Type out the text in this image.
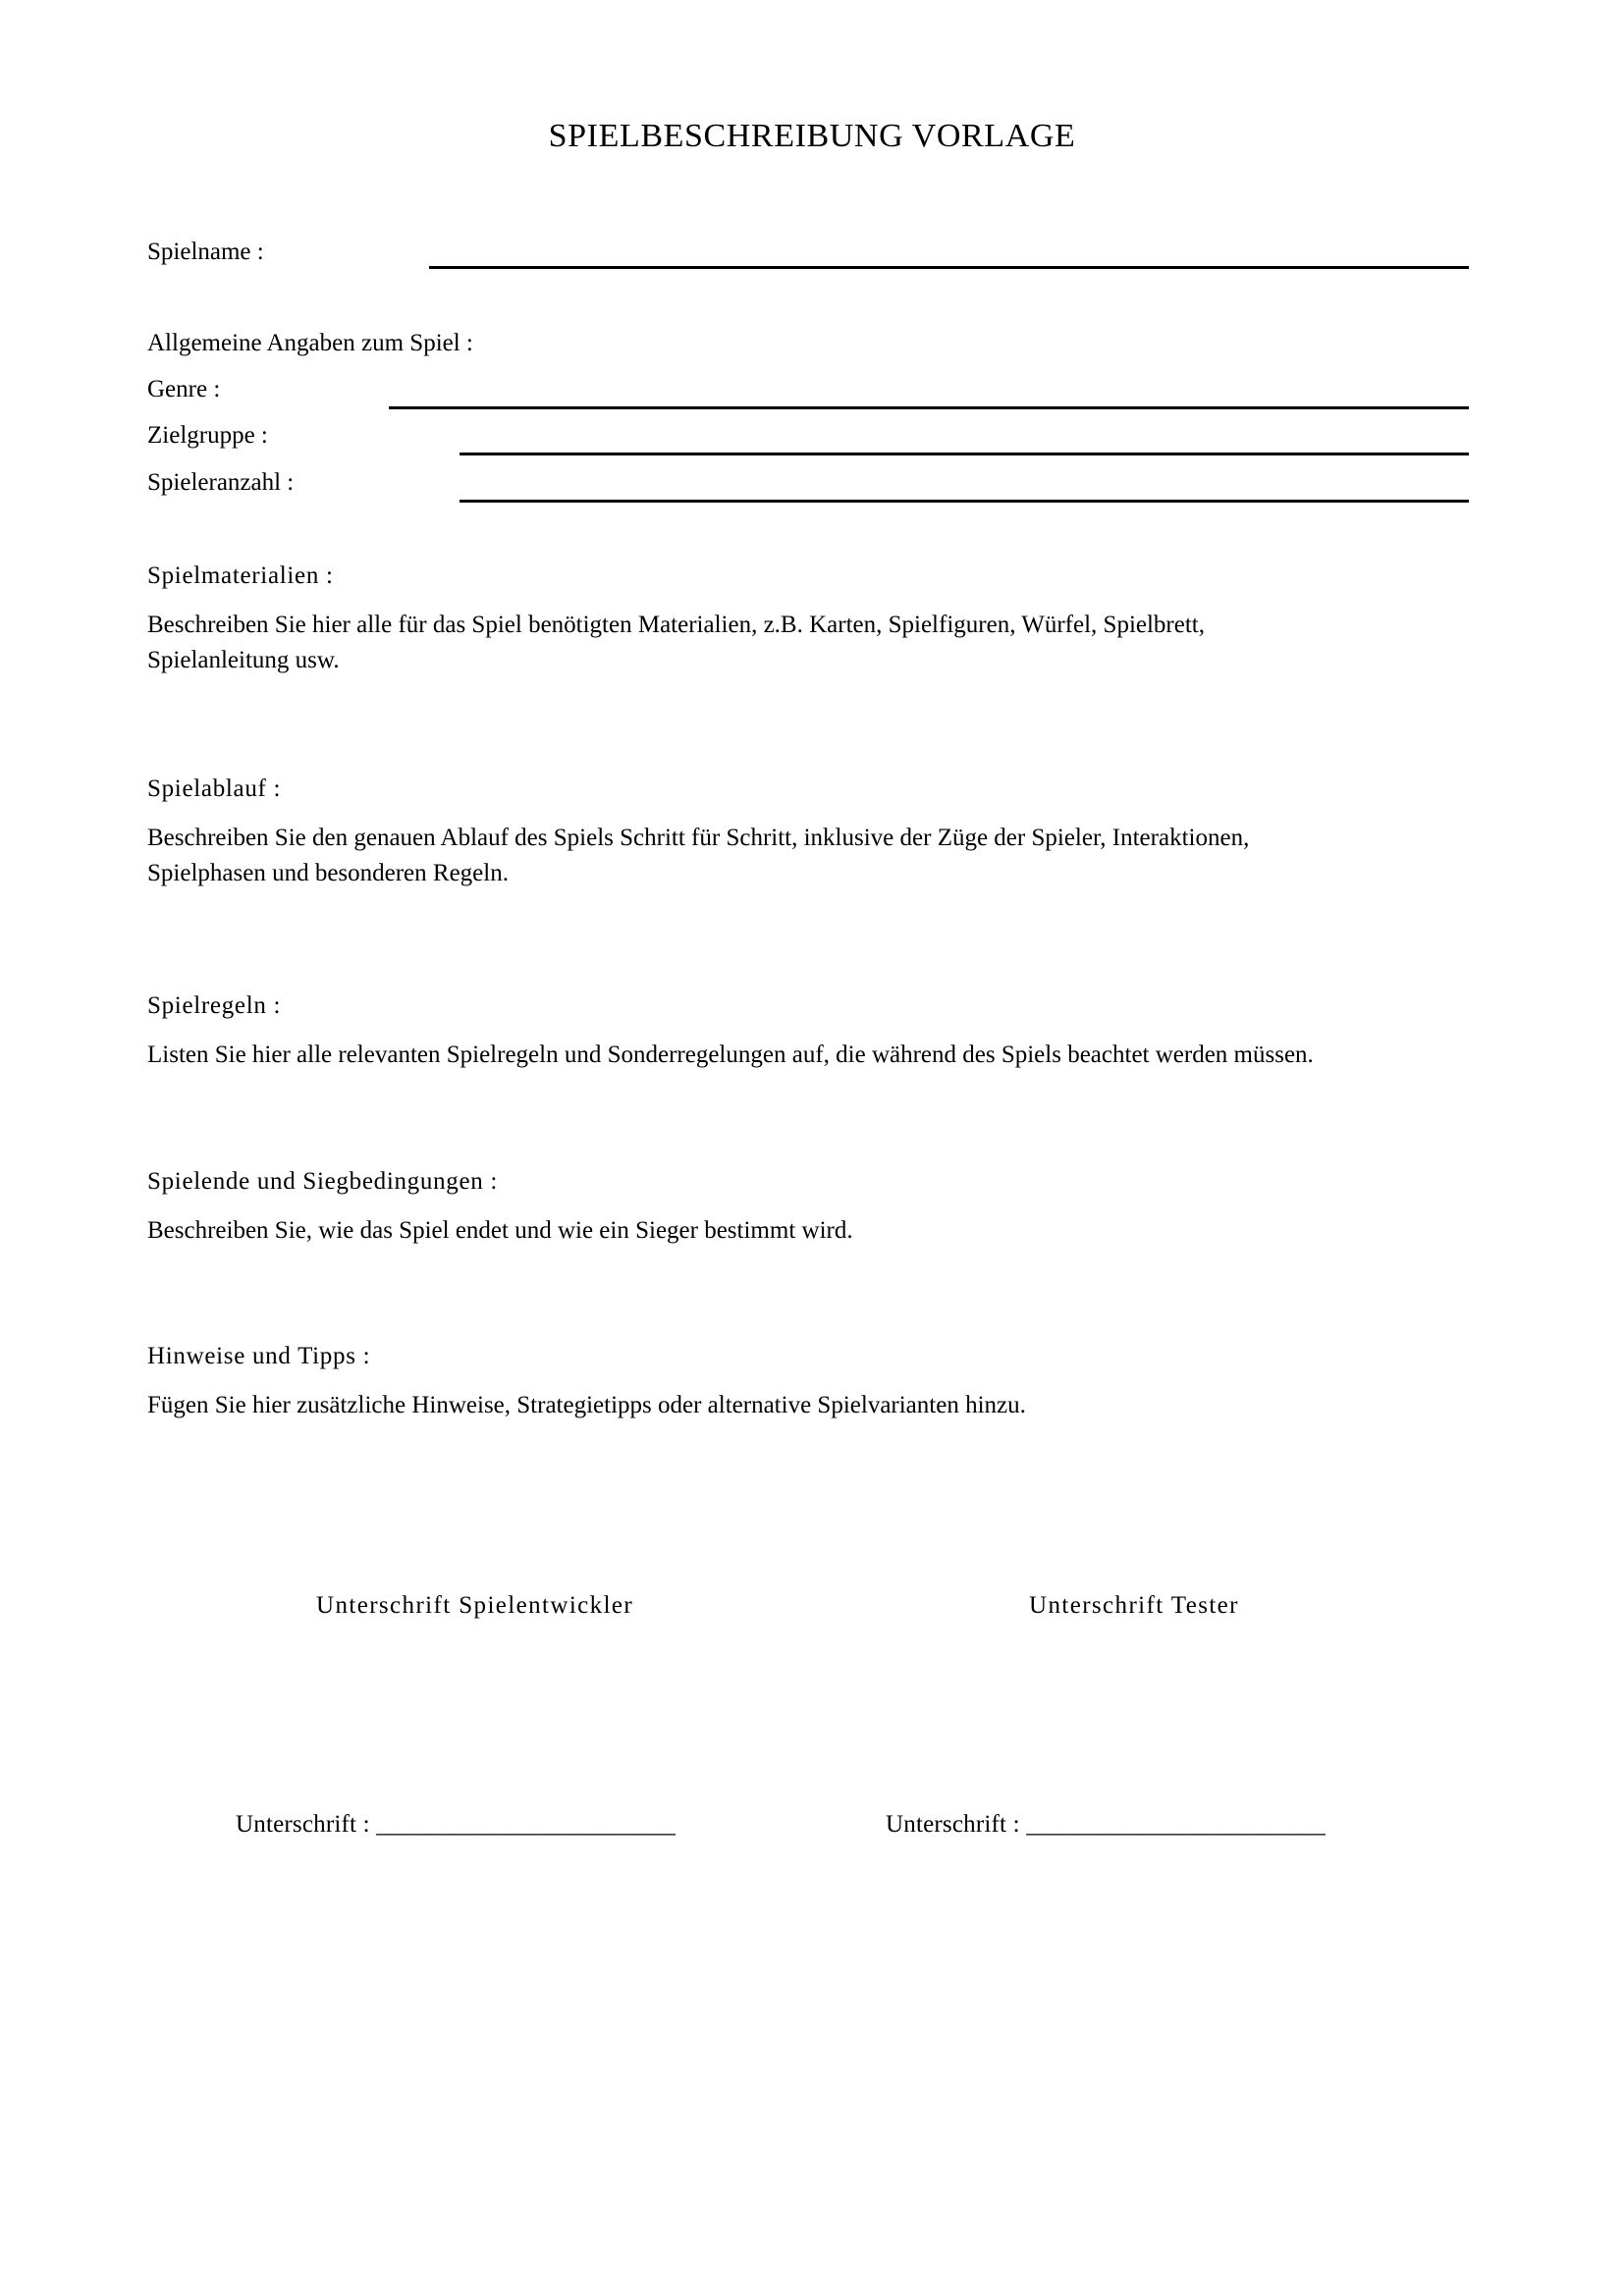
SPIELBESCHREIBUNG VORLAGE
Spielname :
Allgemeine Angaben zum Spiel :
Genre :
Zielgruppe :
Spieleranzahl :
Spielmaterialien :
Beschreiben Sie hier alle für das Spiel benötigten Materialien, z.B. Karten, Spielfiguren, Würfel, Spielbrett,
Spielanleitung usw.
Spielablauf :
Beschreiben Sie den genauen Ablauf des Spiels Schritt für Schritt, inklusive der Züge der Spieler, Interaktionen,
Spielphasen und besonderen Regeln.
Spielregeln :
Listen Sie hier alle relevanten Spielregeln und Sonderregelungen auf, die während des Spiels beachtet werden müssen.
Spielende und Siegbedingungen :
Beschreiben Sie, wie das Spiel endet und wie ein Sieger bestimmt wird.
Hinweise und Tipps :
Fügen Sie hier zusätzliche Hinweise, Strategietipps oder alternative Spielvarianten hinzu.
Unterschrift Spielentwickler	Unterschrift Tester
Unterschrift : ________________________	Unterschrift : ________________________
